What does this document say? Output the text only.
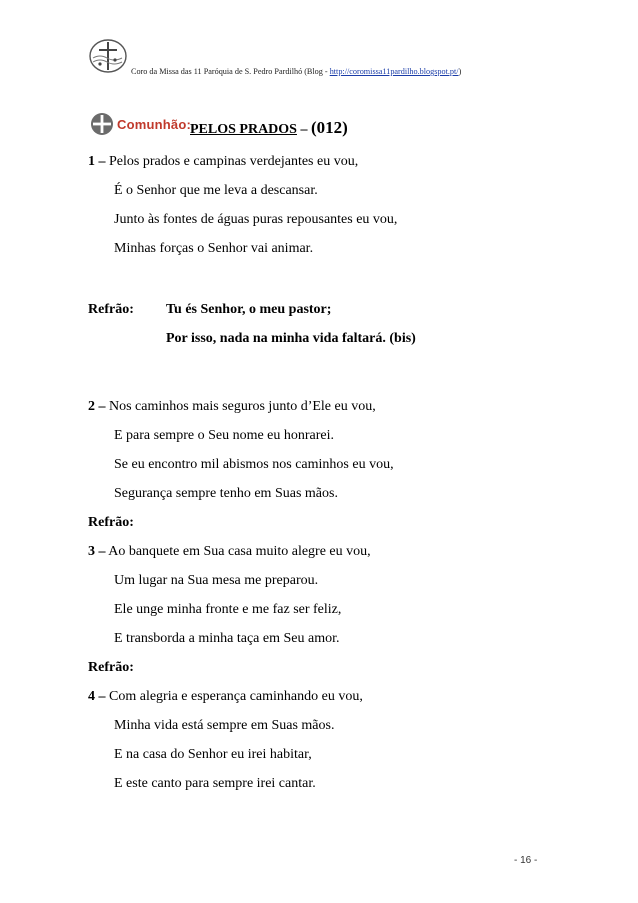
Coro da Missa das 11 Paróquia de S. Pedro Pardilhó (Blog - http://coromissa11pardilho.blogspot.pt/)
Comunhão:
PELOS PRADOS – (012)
1 – Pelos prados e campinas verdejantes eu vou,
É o Senhor que me leva a descansar.
Junto às fontes de águas puras repousantes eu vou,
Minhas forças o Senhor vai animar.
Refrão: Tu és Senhor, o meu pastor;
Por isso, nada na minha vida faltará. (bis)
2 – Nos caminhos mais seguros junto d’Ele eu vou,
E para sempre o Seu nome eu honrarei.
Se eu encontro mil abismos nos caminhos eu vou,
Segurança sempre tenho em Suas mãos.
Refrão:
3 – Ao banquete em Sua casa muito alegre eu vou,
Um lugar na Sua mesa me preparou.
Ele unge minha fronte e me faz ser feliz,
E transborda a minha taça em Seu amor.
Refrão:
4 – Com alegria e esperança caminhando eu vou,
Minha vida está sempre em Suas mãos.
E na casa do Senhor eu irei habitar,
E este canto para sempre irei cantar.
- 16 -
